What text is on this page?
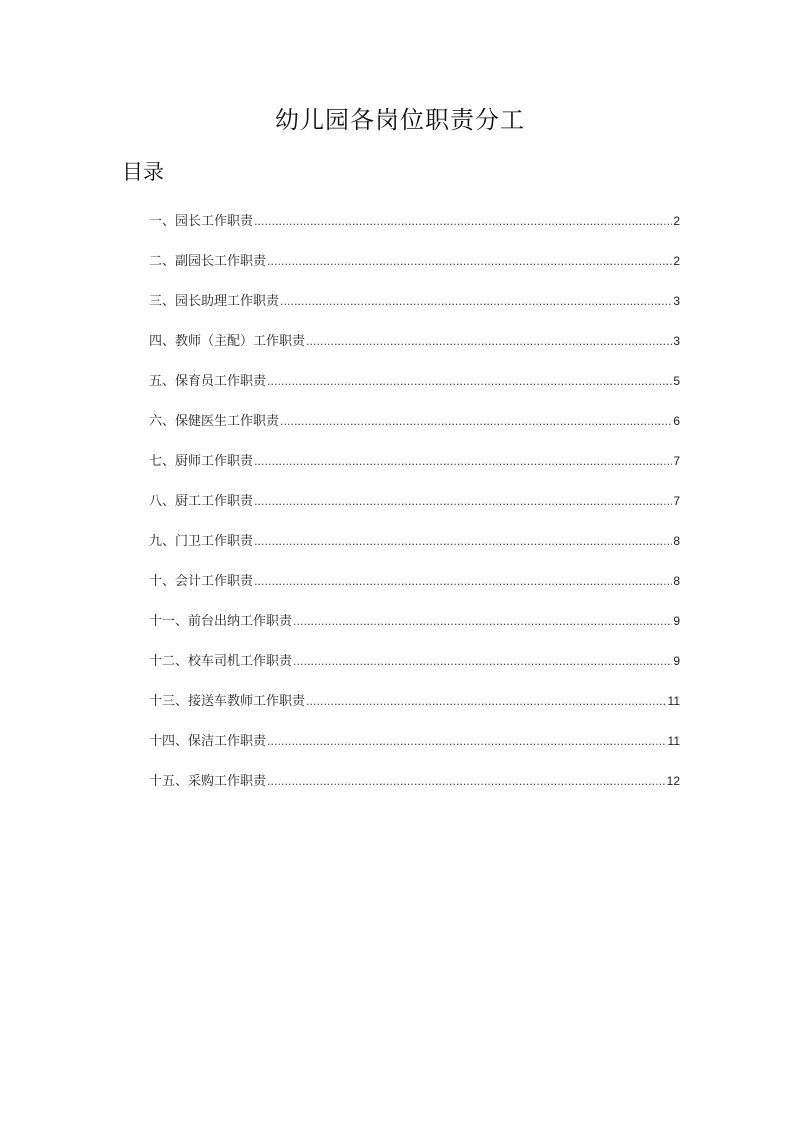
幼儿园各岗位职责分工
目录
一、园长工作职责 .....	2
二、副园长工作职责 .....	2
三、园长助理工作职责 .....	3
四、教师（主配）工作职责 .....	3
五、保育员工作职责 .....	5
六、保健医生工作职责 .....	6
七、厨师工作职责 .....	7
八、厨工工作职责 .....	7
九、门卫工作职责 .....	8
十、会计工作职责 .....	8
十一、前台出纳工作职责 .....	9
十二、校车司机工作职责 .....	9
十三、接送车教师工作职责 .....	11
十四、保洁工作职责 .....	11
十五、采购工作职责 .....	12
